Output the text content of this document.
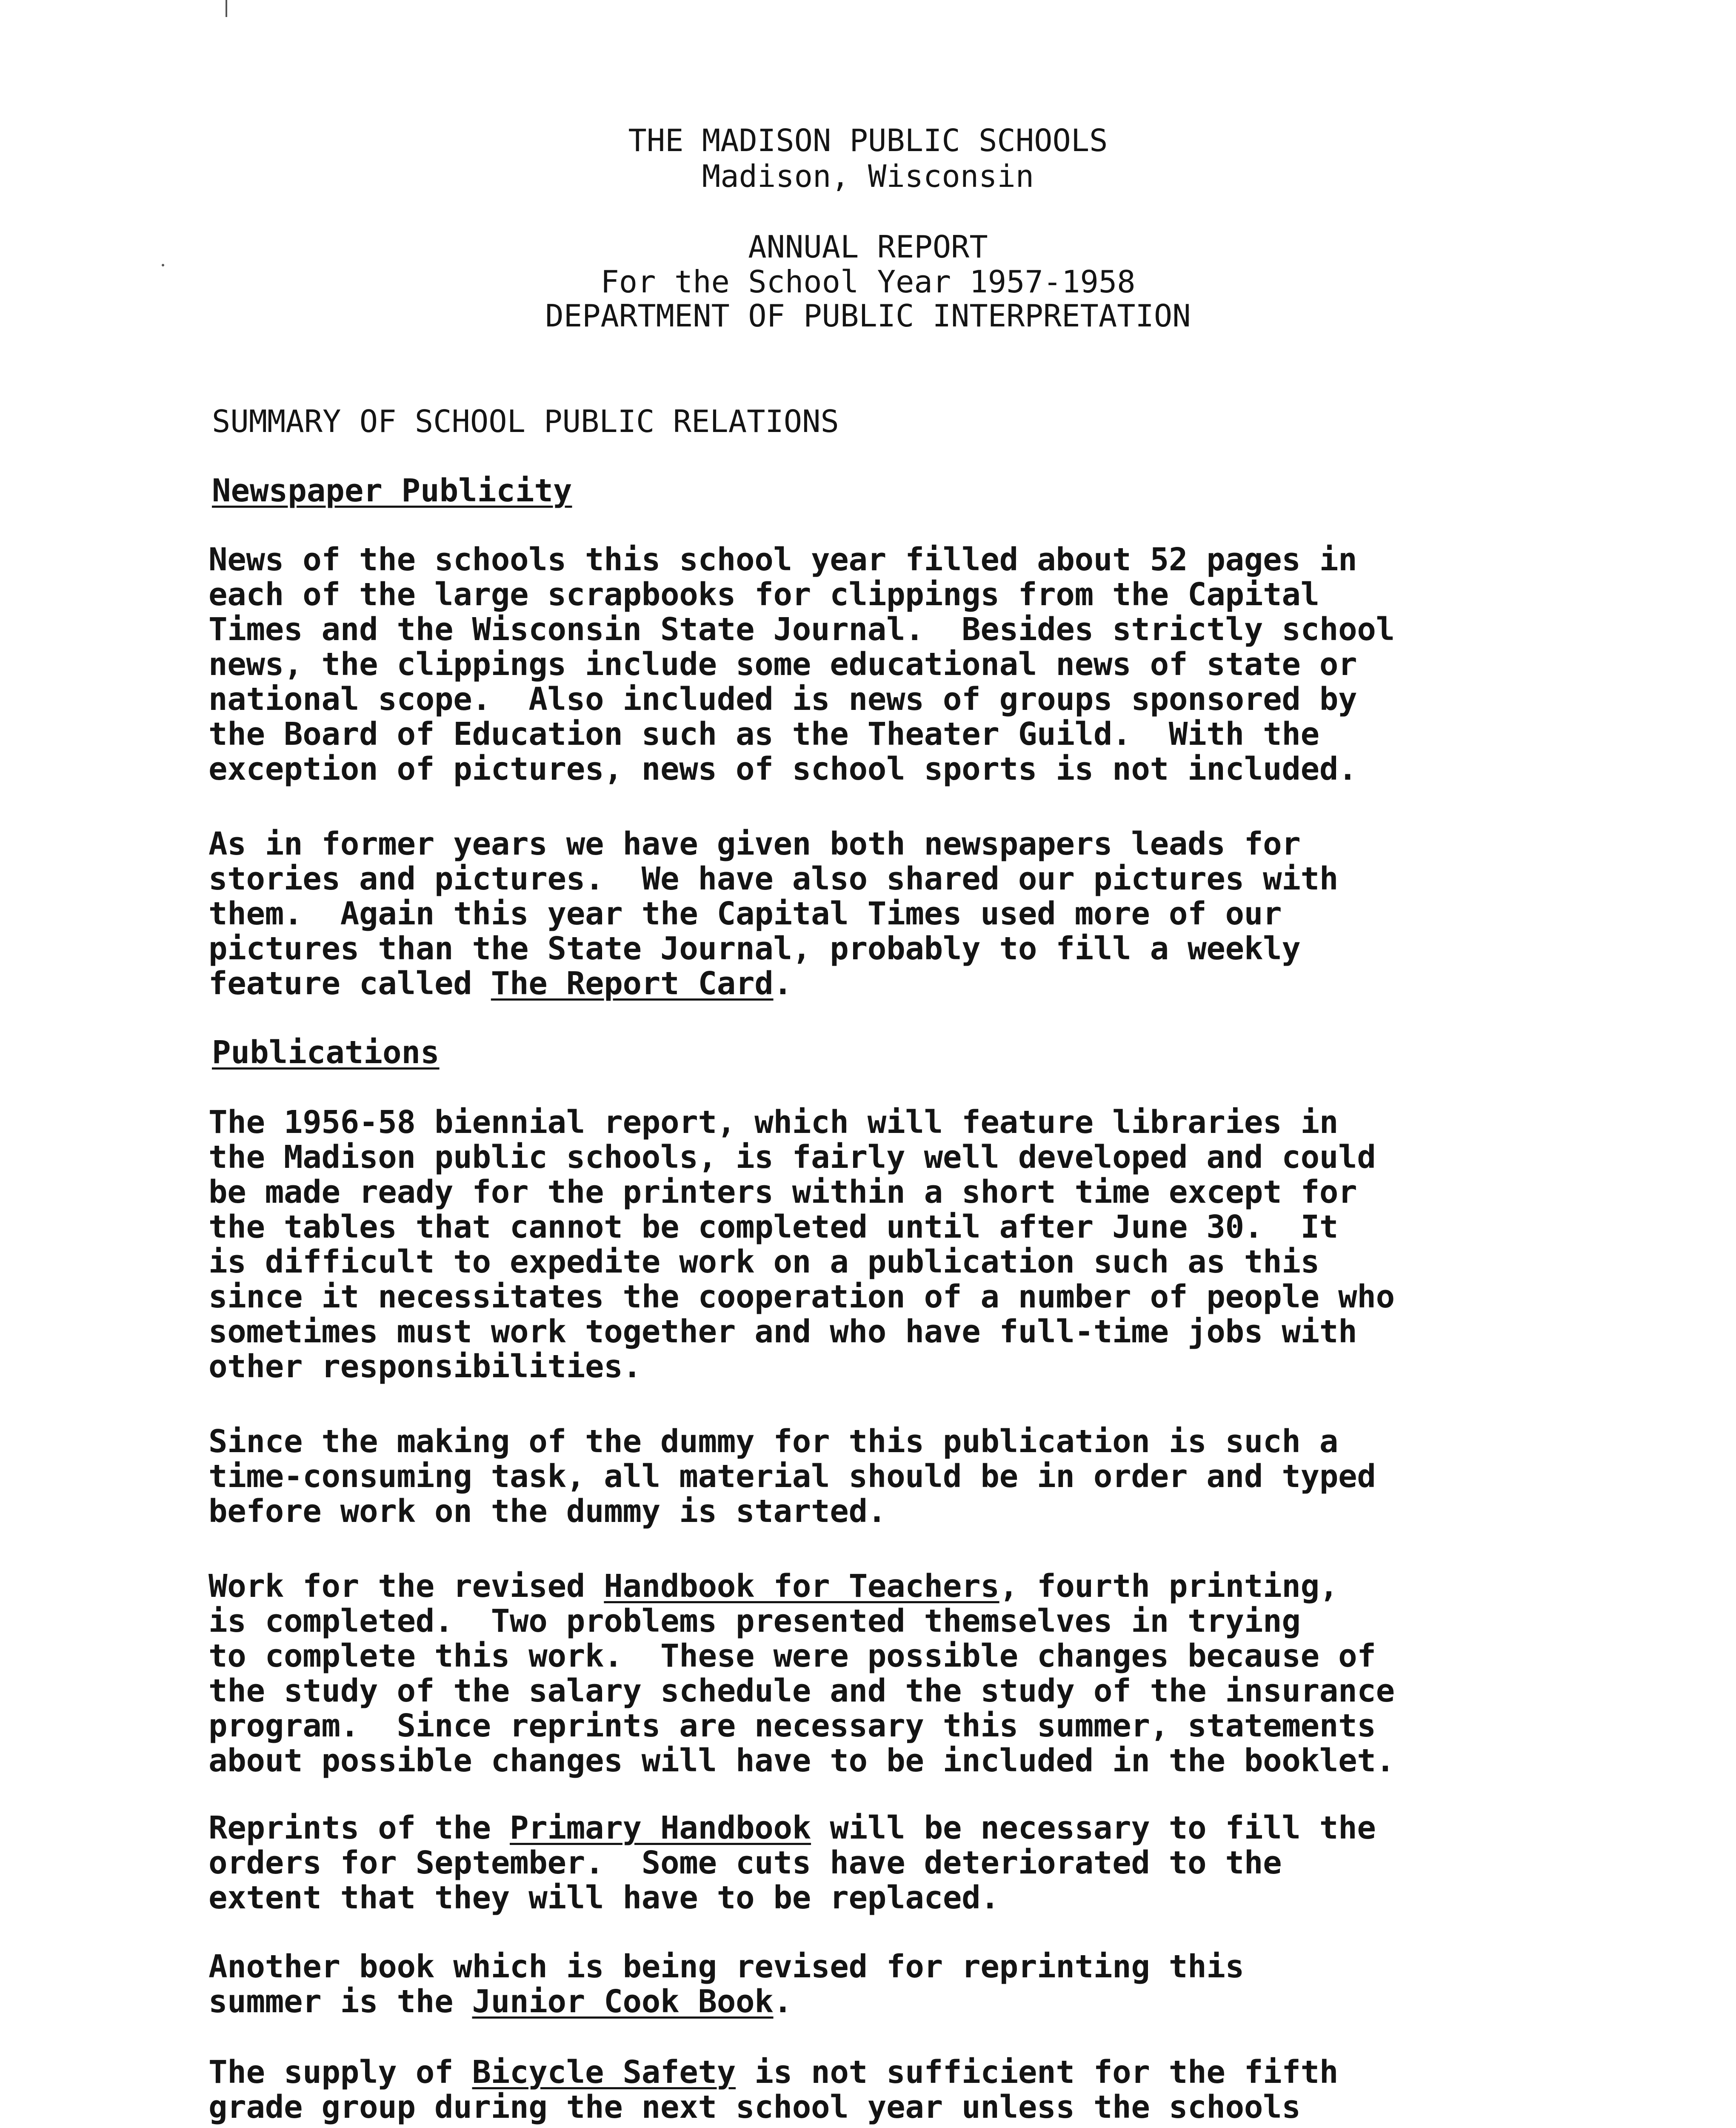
THE MADISON PUBLIC SCHOOLS
Madison, Wisconsin
ANNUAL REPORT
For the School Year 1957-1958
DEPARTMENT OF PUBLIC INTERPRETATION
SUMMARY OF SCHOOL PUBLIC RELATIONS
Newspaper Publicity
News of the schools this school year filled about 52 pages in
each of the large scrapbooks for clippings from the Capital
Times and the Wisconsin State Journal.  Besides strictly school
news, the clippings include some educational news of state or
national scope.  Also included is news of groups sponsored by
the Board of Education such as the Theater Guild.  With the
exception of pictures, news of school sports is not included.
As in former years we have given both newspapers leads for
stories and pictures.  We have also shared our pictures with
them.  Again this year the Capital Times used more of our
pictures than the State Journal, probably to fill a weekly
feature called The Report Card.
Publications
The 1956-58 biennial report, which will feature libraries in
the Madison public schools, is fairly well developed and could
be made ready for the printers within a short time except for
the tables that cannot be completed until after June 30.  It
is difficult to expedite work on a publication such as this
since it necessitates the cooperation of a number of people who
sometimes must work together and who have full-time jobs with
other responsibilities.
Since the making of the dummy for this publication is such a
time-consuming task, all material should be in order and typed
before work on the dummy is started.
Work for the revised Handbook for Teachers, fourth printing,
is completed.  Two problems presented themselves in trying
to complete this work.  These were possible changes because of
the study of the salary schedule and the study of the insurance
program.  Since reprints are necessary this summer, statements
about possible changes will have to be included in the booklet.
Reprints of the Primary Handbook will be necessary to fill the
orders for September.  Some cuts have deteriorated to the
extent that they will have to be replaced.
Another book which is being revised for reprinting this
summer is the Junior Cook Book.
The supply of Bicycle Safety is not sufficient for the fifth
grade group during the next school year unless the schools
